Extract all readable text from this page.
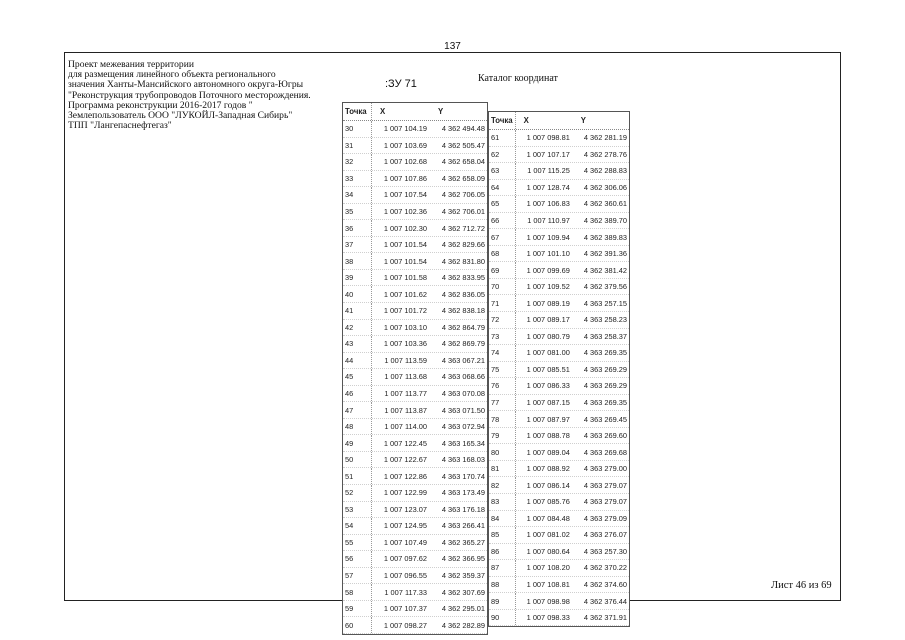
137
Проект межевания территории
для размещения линейного объекта регионального
значения Ханты-Мансийского автономного округа-Югры
"Реконструкция трубопроводов Поточного месторождения.
Программа реконструкции 2016-2017 годов "
Землепользователь ООО "ЛУКОЙЛ-Западная Сибирь"
ТПП "Лангепаснефтегаз"
:ЗУ 71	Каталог координат
Точка	X	Y
30	1 007 104.19	4 362 494.48
31	1 007 103.69	4 362 505.47
32	1 007 102.68	4 362 658.04
33	1 007 107.86	4 362 658.09
34	1 007 107.54	4 362 706.05
35	1 007 102.36	4 362 706.01
36	1 007 102.30	4 362 712.72
37	1 007 101.54	4 362 829.66
38	1 007 101.54	4 362 831.80
39	1 007 101.58	4 362 833.95
40	1 007 101.62	4 362 836.05
41	1 007 101.72	4 362 838.18
42	1 007 103.10	4 362 864.79
43	1 007 103.36	4 362 869.79
44	1 007 113.59	4 363 067.21
45	1 007 113.68	4 363 068.66
46	1 007 113.77	4 363 070.08
47	1 007 113.87	4 363 071.50
48	1 007 114.00	4 363 072.94
49	1 007 122.45	4 363 165.34
50	1 007 122.67	4 363 168.03
51	1 007 122.86	4 363 170.74
52	1 007 122.99	4 363 173.49
53	1 007 123.07	4 363 176.18
54	1 007 124.95	4 363 266.41
55	1 007 107.49	4 362 365.27
56	1 007 097.62	4 362 366.95
57	1 007 096.55	4 362 359.37
58	1 007 117.33	4 362 307.69
59	1 007 107.37	4 362 295.01
60	1 007 098.27	4 362 282.89
Точка	X	Y
61	1 007 098.81	4 362 281.19
62	1 007 107.17	4 362 278.76
63	1 007 115.25	4 362 288.83
64	1 007 128.74	4 362 306.06
65	1 007 106.83	4 362 360.61
66	1 007 110.97	4 362 389.70
67	1 007 109.94	4 362 389.83
68	1 007 101.10	4 362 391.36
69	1 007 099.69	4 362 381.42
70	1 007 109.52	4 362 379.56
71	1 007 089.19	4 363 257.15
72	1 007 089.17	4 363 258.23
73	1 007 080.79	4 363 258.37
74	1 007 081.00	4 363 269.35
75	1 007 085.51	4 363 269.29
76	1 007 086.33	4 363 269.29
77	1 007 087.15	4 363 269.35
78	1 007 087.97	4 363 269.45
79	1 007 088.78	4 363 269.60
80	1 007 089.04	4 363 269.68
81	1 007 088.92	4 363 279.00
82	1 007 086.14	4 363 279.07
83	1 007 085.76	4 363 279.07
84	1 007 084.48	4 363 279.09
85	1 007 081.02	4 363 276.07
86	1 007 080.64	4 363 257.30
87	1 007 108.20	4 362 370.22
88	1 007 108.81	4 362 374.60
89	1 007 098.98	4 362 376.44
90	1 007 098.33	4 362 371.91
Лист 46 из 69
